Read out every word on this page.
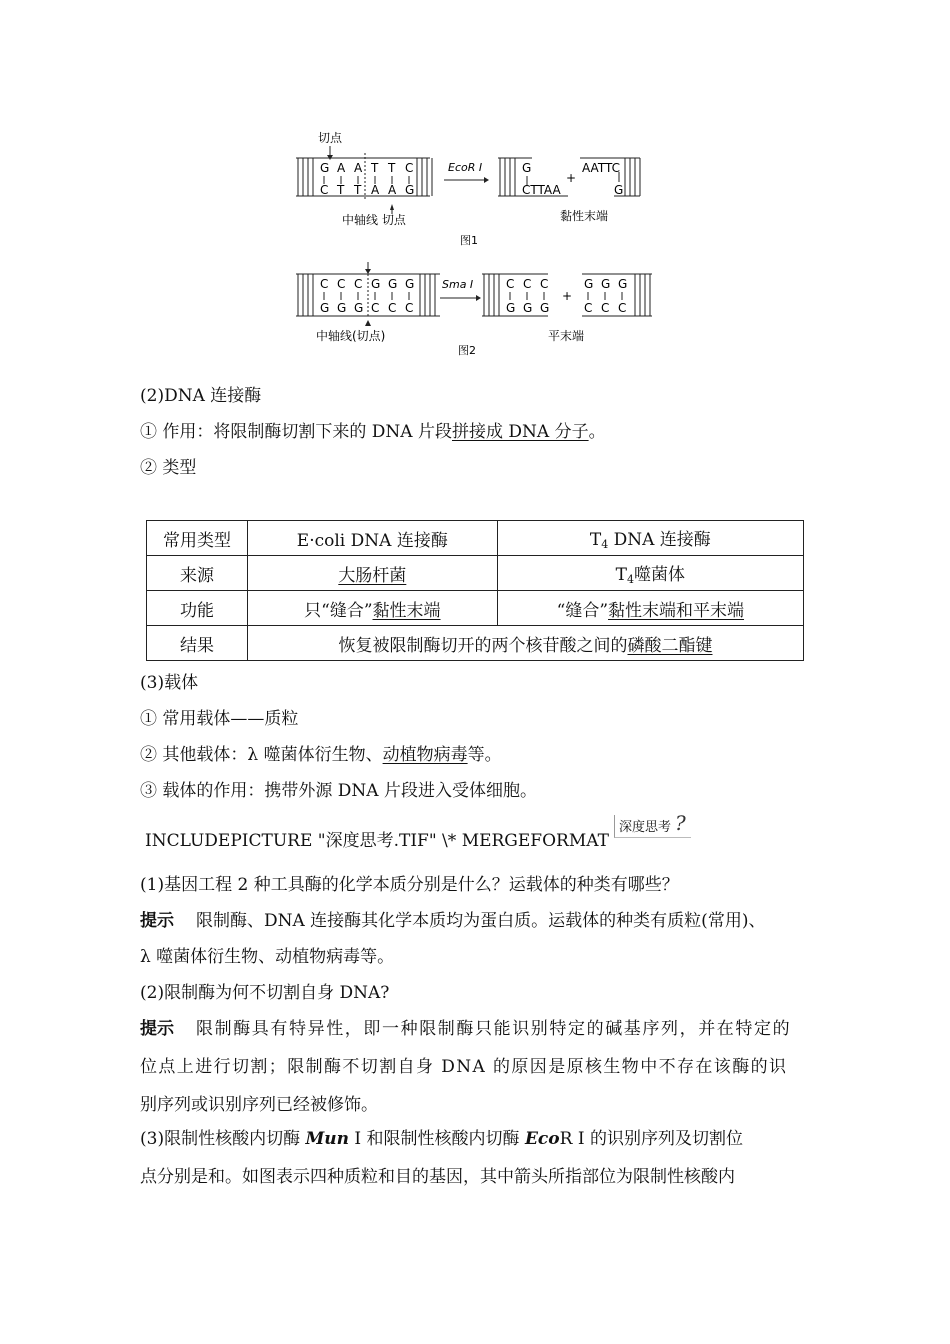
切点
G A A T T C
C T T A A G
中轴线 切点
EcoR Ⅰ	G
CTTAA
+
AATTC
G
黏性末端
图1
C C C G G G
G G G C C C
中轴线(切点)
Sma Ⅰ	C C C
G G G
G G G
C C C
+
平末端
图2
(2)DNA 连接酶
① 作用：将限制酶切割下来的 DNA 片段拼接成 DNA 分子。
② 类型
常用类型	E·coli DNA 连接酶	$T_4$ DNA 连接酶
来源	大肠杆菌	$T_4$噬菌体
功能	只“缝合”黏性末端	“缝合”黏性末端和平末端
结果	恢复被限制酶切开的两个核苷酸之间的磷酸二酯键	
(3)载体
① 常用载体——质粒
② 其他载体：λ 噬菌体衍生物、动植物病毒等。
③ 载体的作用：携带外源 DNA 片段进入受体细胞。
INCLUDEPICTURE "深度思考.TIF" \* MERGEFORMAT
深度思考 ?
(1)基因工程 2 种工具酶的化学本质分别是什么？运载体的种类有哪些？
提示 限制酶、DNA 连接酶其化学本质均为蛋白质。运载体的种类有质粒(常用)、
λ 噬菌体衍生物、动植物病毒等。
(2)限制酶为何不切割自身 DNA?
提示 限制酶具有特异性，即一种限制酶只能识别特定的碱基序列，并在特定的
位点上进行切割；限制酶不切割自身 DNA 的原因是原核生物中不存在该酶的识
别序列或识别序列已经被修饰。
(3)限制性核酸内切酶 Mun Ⅰ 和限制性核酸内切酶 EcoR Ⅰ 的识别序列及切割位
点分别是和。如图表示四种质粒和目的基因，其中箭头所指部位为限制性核酸内
